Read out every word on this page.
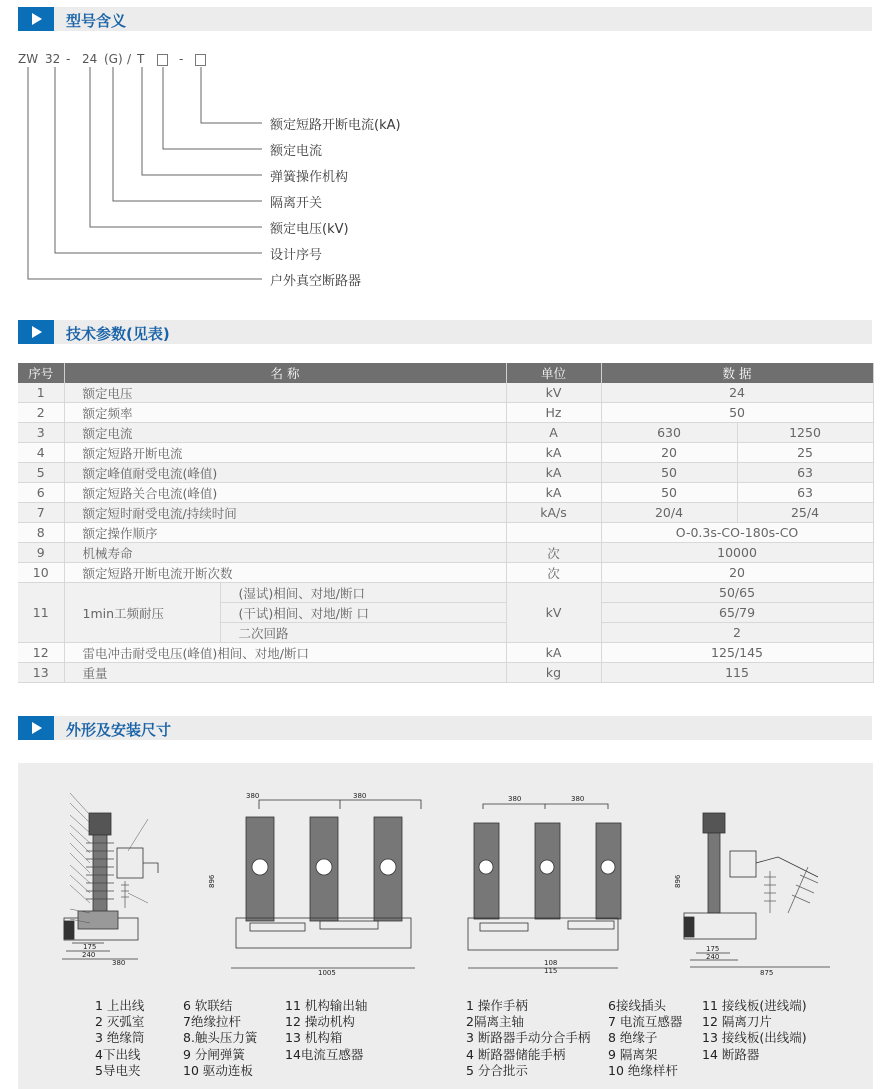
型号含义
ZW 32 - 24 (G) / T	-
额定短路开断电流(kA)
额定电流
弹簧操作机构
隔离开关
额定电压(kV)
设计序号
户外真空断路器
技术参数(见表)
序号	名 称		单位	数 据	
1	额定电压		kV	24	
2	额定频率		Hz	50	
3	额定电流		A	630	1250
4	额定短路开断电流		kA	20	25
5	额定峰值耐受电流(峰值)		kA	50	63
6	额定短路关合电流(峰值)		kA	50	63
7	额定短时耐受电流/持续时间		kA/s	20/4	25/4
8	额定操作顺序			O-0.3s-CO-180s-CO	
9	机械寿命		次	10000	
10	额定短路开断电流开断次数		次	20	
11	1min工频耐压	(湿试)相间、对地/断口	kV	50/65	
		(干试)相间、对地/断 口		65/79	
		二次回路		2	
12	雷电冲击耐受电压(峰值)相间、对地/断口		kA	125/145	
13	重量		kg	115	
外形及安装尺寸
175
240
380
1005
380	380
896
108
115
380	380
175
240
875
896
1 上出线
2 灭弧室
3 绝缘筒
4下出线
5导电夹
6 软联结
7绝缘拉杆
8.触头压力簧
9 分闸弹簧
10 驱动连板
11 机构输出轴
12 操动机构
13 机构箱
14电流互感器
1 操作手柄
2隔离主轴
3 断路器手动分合手柄
4 断路器储能手柄
5 分合批示
6接线插头
7 电流互感器
8 绝缘子
9 隔离架
10 绝缘样杆
11 接线板(进线端)
12 隔离刀片
13 接线板(出线端)
14 断路器
